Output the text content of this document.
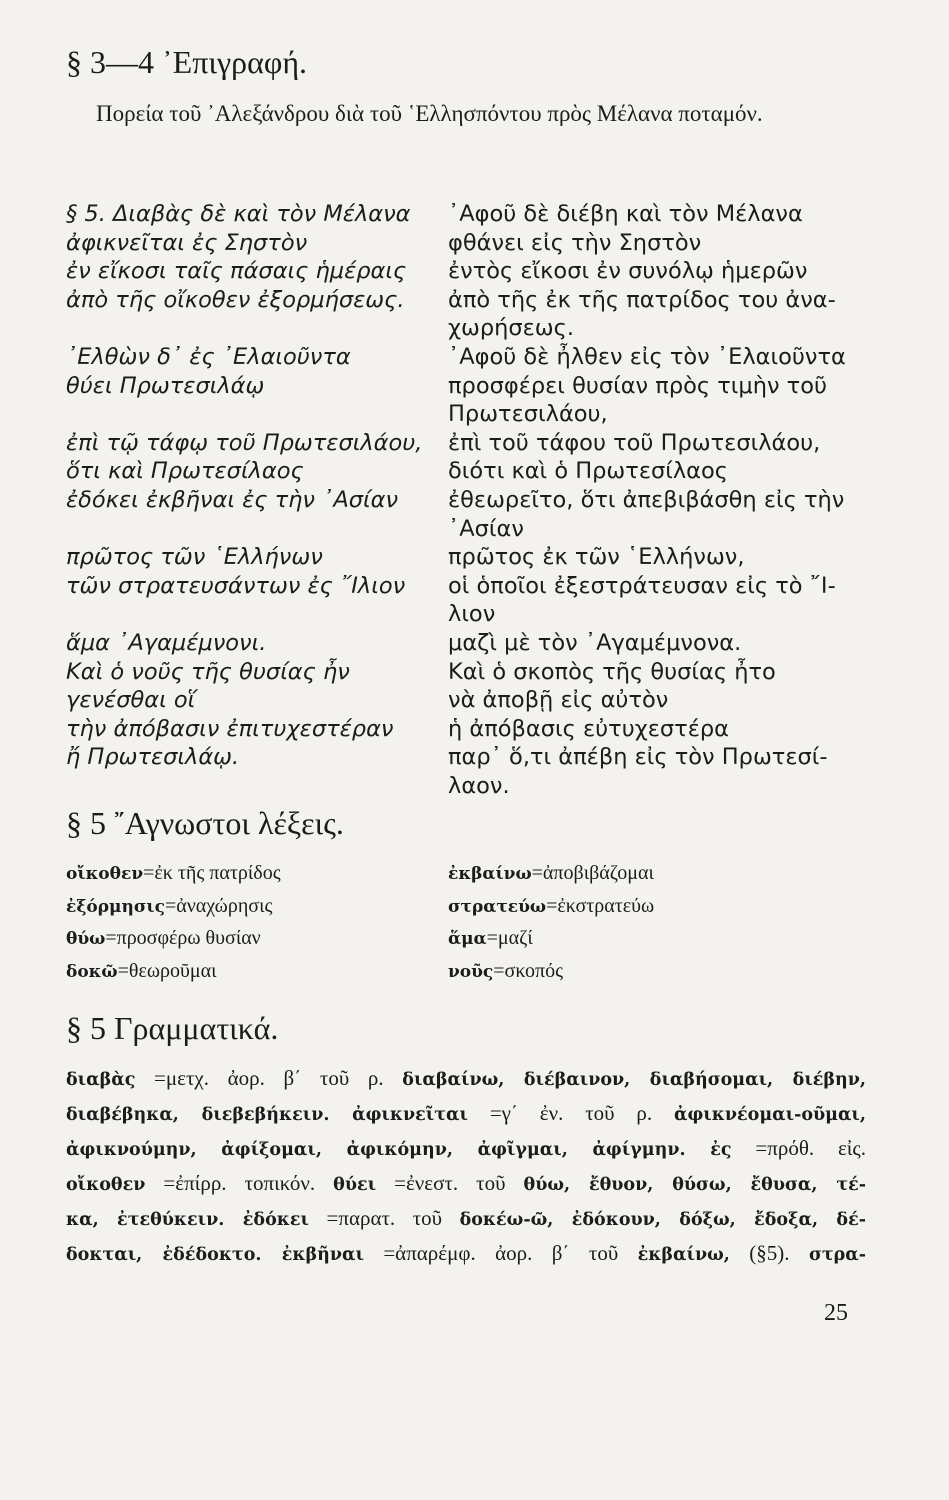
§ 3—4 ᾿Επιγραφή.

Πορεία τοῦ ᾿Αλεξάνδρου διὰ τοῦ ῾Ελλησπόντου πρὸς Μέλανα ποταμόν.

§ 5. Διαβὰς δὲ καὶ τὸν Μέλανα
ἀφικνεῖται ἐς Σηστὸν
ἐν εἴκοσι ταῖς πάσαις ἡμέραις
ἀπὸ τῆς οἴκοθεν ἐξορμήσεως.

᾿Ελθὼν δ᾿ ἐς ᾿Ελαιοῦντα
θύει Πρωτεσιλάῳ

ἐπὶ τῷ τάφῳ τοῦ Πρωτεσιλάου,
ὅτι καὶ Πρωτεσίλαος
ἐδόκει ἐκβῆναι ἐς τὴν ᾿Ασίαν

πρῶτος τῶν ῾Ελλήνων
τῶν στρατευσάντων ἐς ῎Ιλιον

ἅμα ᾿Αγαμέμνονι.
Καὶ ὁ νοῦς τῆς θυσίας ἦν
γενέσθαι οἵ
τὴν ἀπόβασιν ἐπιτυχεστέραν
ἤ Πρωτεσιλάῳ.
᾿Αφοῦ δὲ διέβη καὶ τὸν Μέλανα
φθάνει εἰς τὴν Σηστὸν
ἐντὸς εἴκοσι ἐν συνόλῳ ἡμερῶν
ἀπὸ τῆς ἐκ τῆς πατρίδος του ἀνα-
χωρήσεως.
᾿Αφοῦ δὲ ἦλθεν εἰς τὸν ᾿Ελαιοῦντα
προσφέρει θυσίαν πρὸς τιμὴν τοῦ
Πρωτεσιλάου,
ἐπὶ τοῦ τάφου τοῦ Πρωτεσιλάου,
διότι καὶ ὁ Πρωτεσίλαος
ἐθεωρεῖτο, ὅτι ἀπεβιβάσθη εἰς τὴν
᾿Ασίαν
πρῶτος ἐκ τῶν ῾Ελλήνων,
οἱ ὁποῖοι ἐξεστράτευσαν εἰς τὸ ῎Ι-
λιον
μαζὶ μὲ τὸν ᾿Αγαμέμνονα.
Καὶ ὁ σκοπὸς τῆς θυσίας ἦτο
νὰ ἀποβῇ εἰς αὐτὸν
ἡ ἀπόβασις εὐτυχεστέρα
παρ᾿ ὅ,τι ἀπέβη εἰς τὸν Πρωτεσί-
λαον.
§ 5 ῎Αγνωστοι λέξεις.
οἴκοθεν=ἐκ τῆς πατρίδος
ἐξόρμησις=ἀναχώρησις
θύω=προσφέρω θυσίαν
δοκῶ=θεωροῦμαι
ἐκβαίνω=ἀποβιβάζομαι
στρατεύω=ἐκστρατεύω
ἅμα=μαζί
νοῦς=σκοπός
§ 5 Γραμματικά.
διαβὰς =μετχ. ἀορ. β΄ τοῦ ρ. διαβαίνω, διέβαινον, διαβήσομαι, διέβην,
διαβέβηκα, διεβεβήκειν. ἀφικνεῖται =γ΄ ἐν. τοῦ ρ. ἀφικνέομαι-οῦμαι,
ἀφικνούμην, ἀφίξομαι, ἀφικόμην, ἀφῖγμαι, ἀφίγμην. ἐς =πρόθ. εἰς.
οἴκοθεν =ἐπίρρ. τοπικόν. θύει =ἐνεστ. τοῦ θύω, ἔθυον, θύσω, ἔθυσα, τέ-
κα, ἐτεθύκειν. ἐδόκει =παρατ. τοῦ δοκέω-ῶ, ἐδόκουν, δόξω, ἔδοξα, δέ-
δοκται, ἐδέδοκτο. ἐκβῆναι =ἀπαρέμφ. ἀορ. β΄ τοῦ ἐκβαίνω, (§5). στρα-
25
